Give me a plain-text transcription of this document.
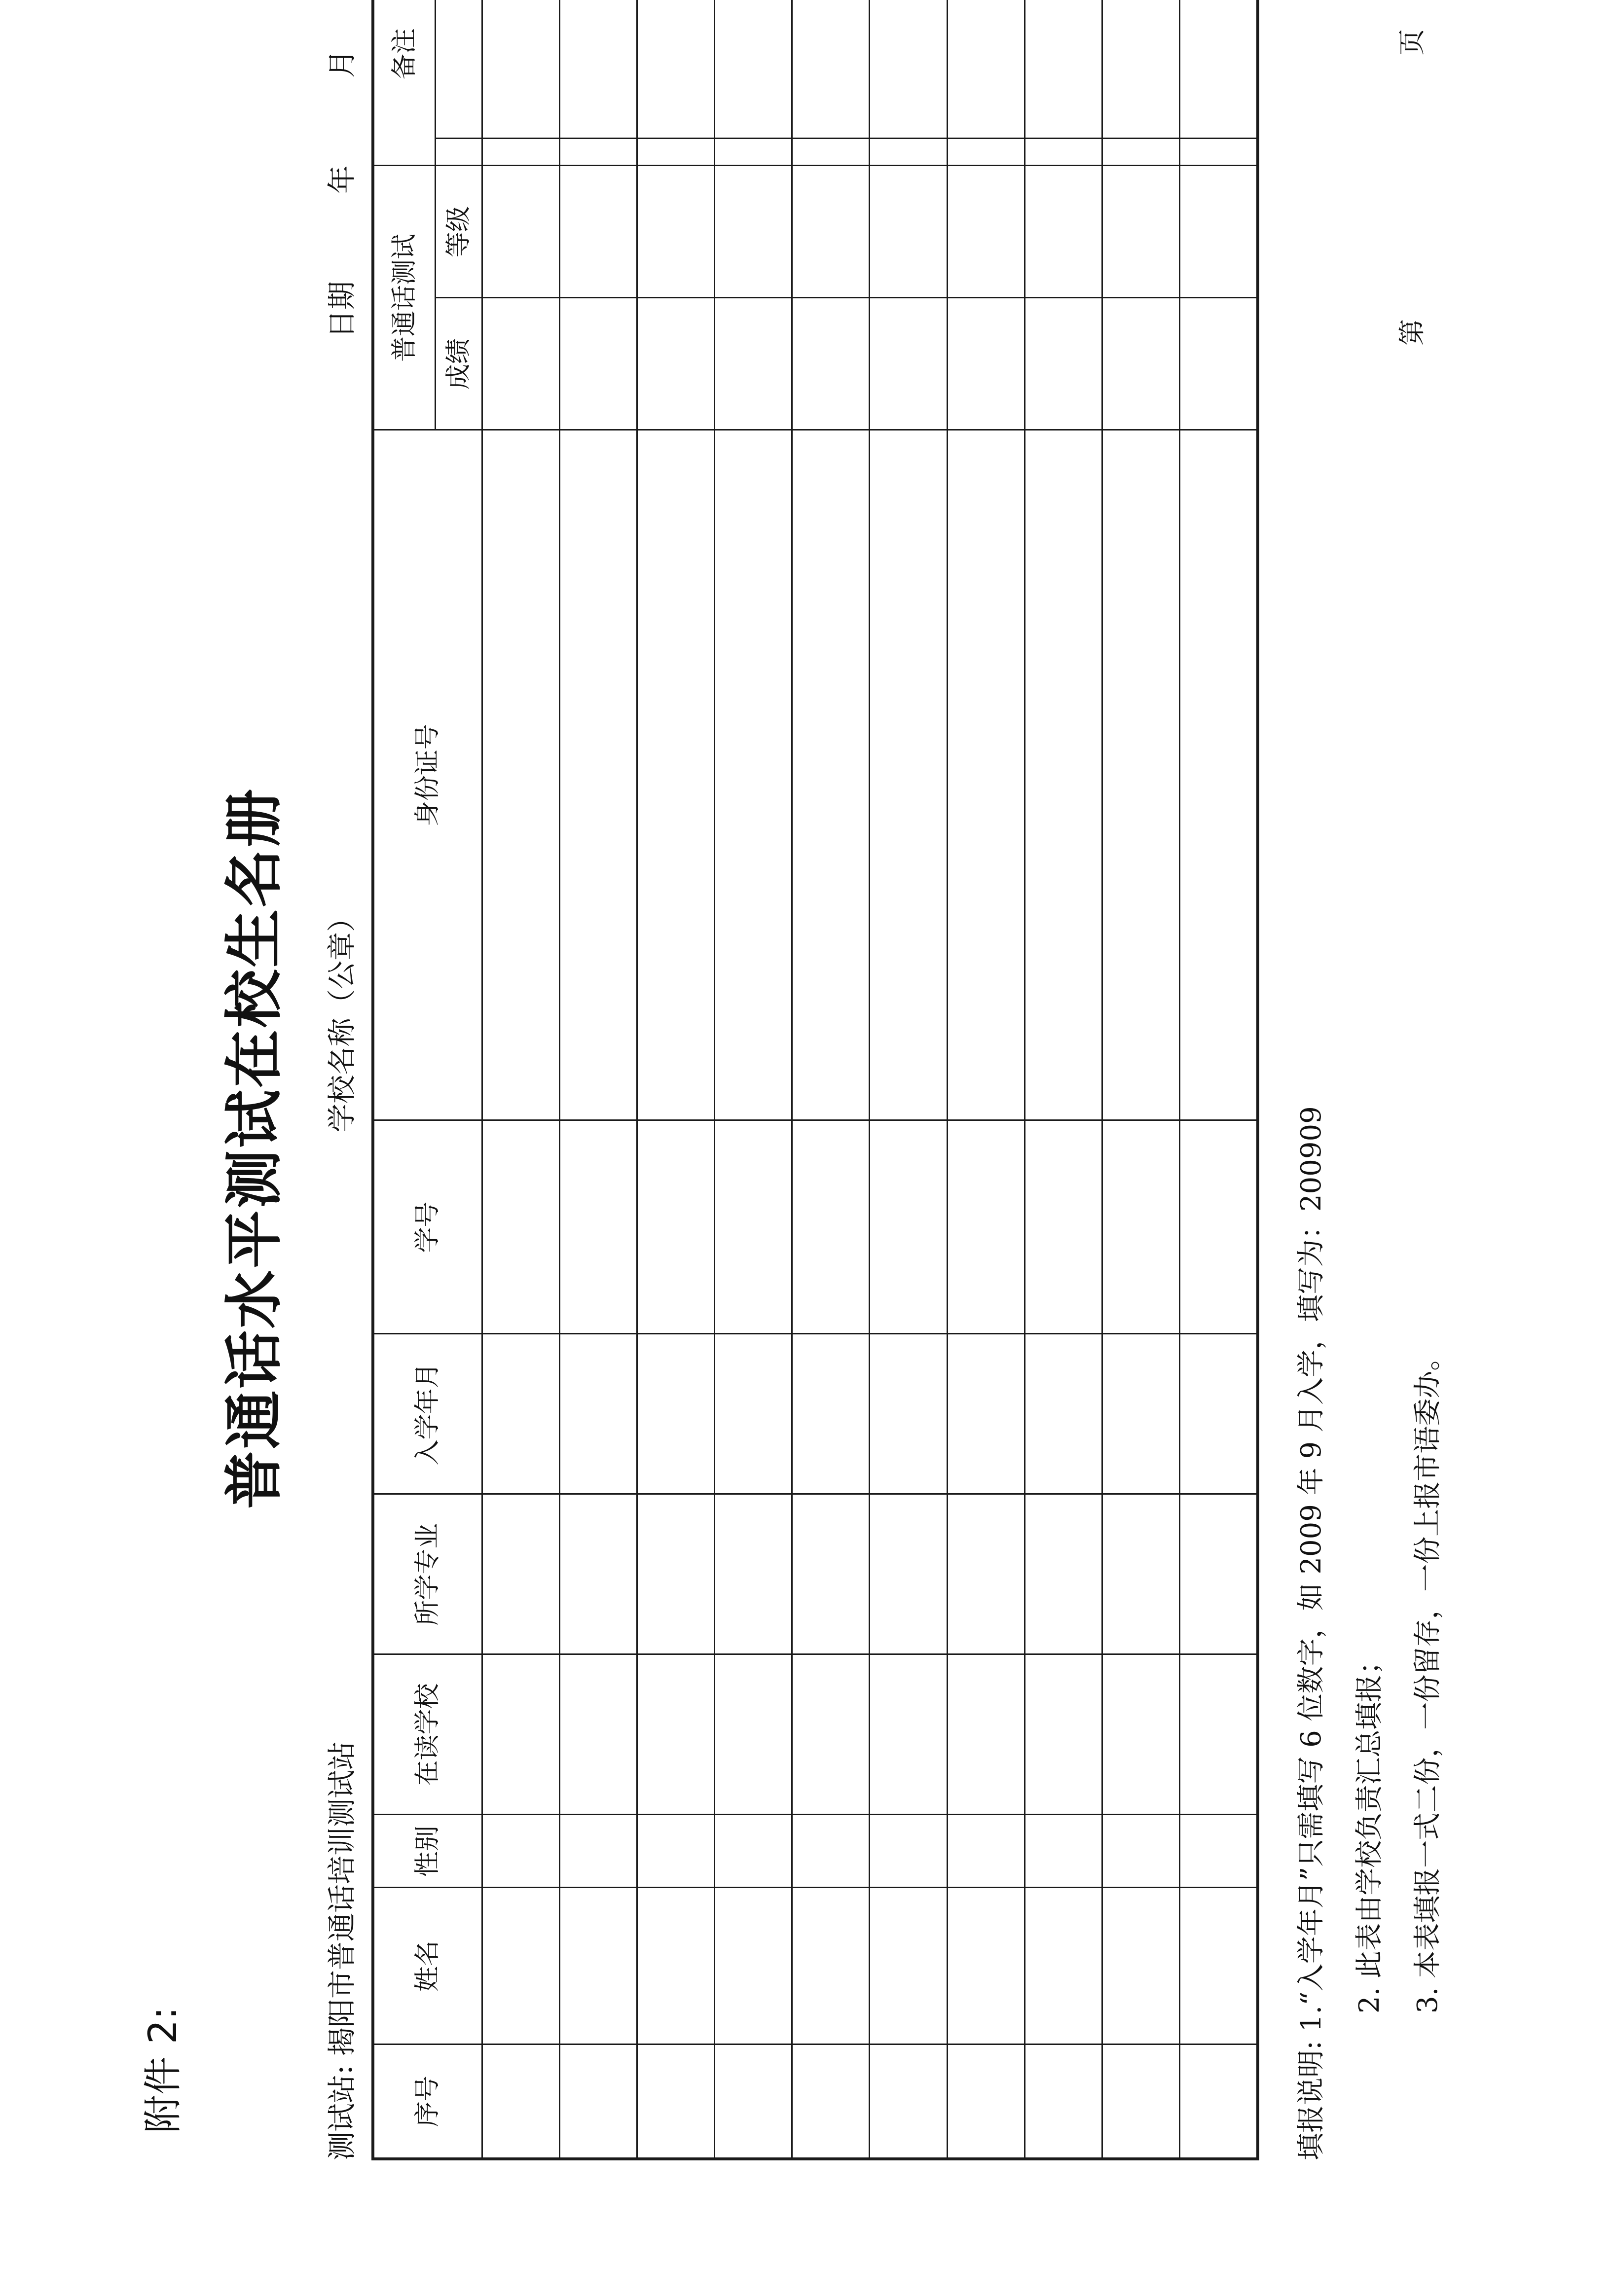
附件 2:
普通话水平测试在校生名册
测试站: 揭阳市普通话培训测试站
学校名称（公章）
日期  年  月
序号	姓名	性别	在读学校	所学专业	入学年月	学号	身份证号	普通话测试		备注	
								成绩	等级		

填报说明: 1.“入学年月”只需填写 6 位数字，如 2009 年 9 月入学，填写为：200909 2. 此表由学校负责汇总填报； 3. 本表填报一式二份，一份留存，一份上报市语委办。
第  页
